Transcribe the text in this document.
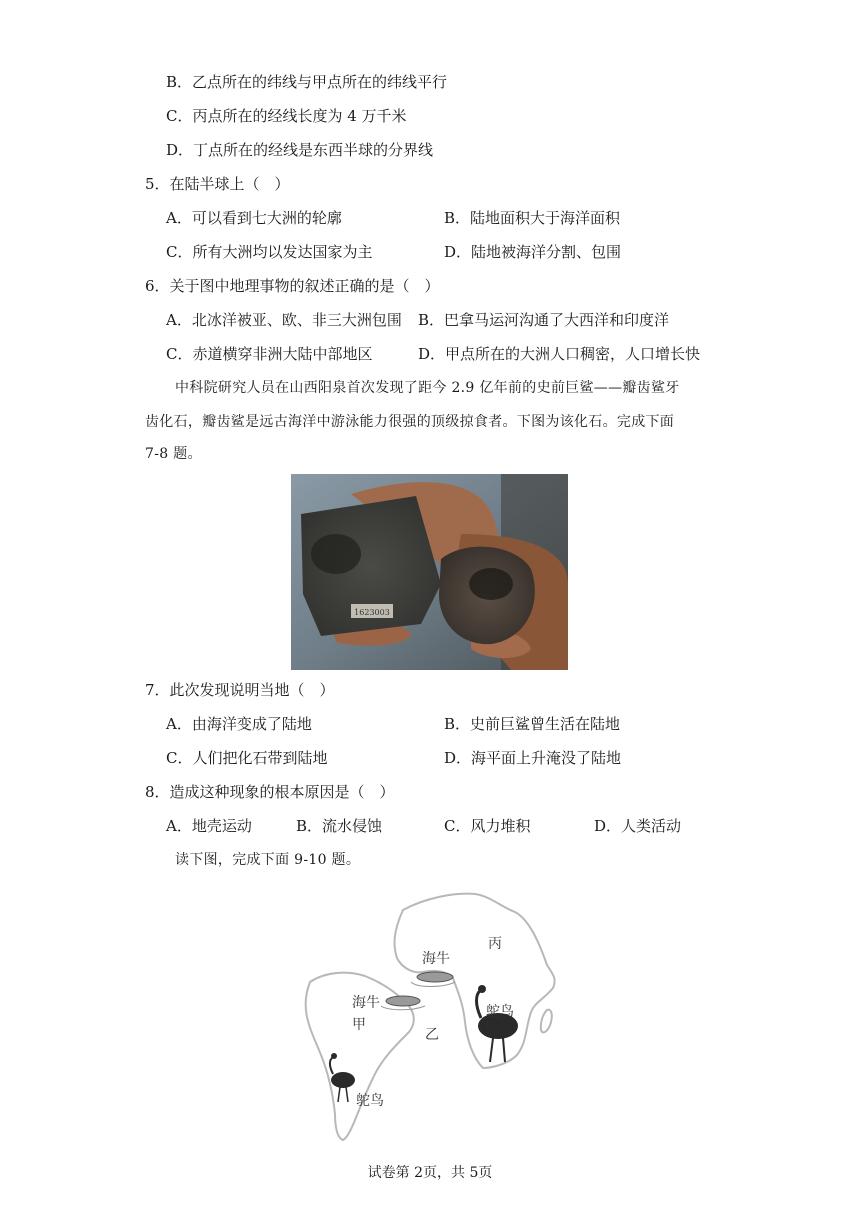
B．乙点所在的纬线与甲点所在的纬线平行
C．丙点所在的经线长度为 4 万千米
D．丁点所在的经线是东西半球的分界线
5．在陆半球上（　）
A．可以看到七大洲的轮廓	B．陆地面积大于海洋面积
C．所有大洲均以发达国家为主	D．陆地被海洋分割、包围
6．关于图中地理事物的叙述正确的是（　）
A．北冰洋被亚、欧、非三大洲包围 B．巴拿马运河沟通了大西洋和印度洋
C．赤道横穿非洲大陆中部地区	D．甲点所在的大洲人口稠密，人口增长快
中科院研究人员在山西阳泉首次发现了距今 2.9 亿年前的史前巨鲨——瓣齿鲨牙
齿化石，瓣齿鲨是远古海洋中游泳能力很强的顶级掠食者。下图为该化石。完成下面
7-8 题。
1623003
7．此次发现说明当地（　）
A．由海洋变成了陆地	B．史前巨鲨曾生活在陆地
C．人们把化石带到陆地	D．海平面上升淹没了陆地
8．造成这种现象的根本原因是（　）
A．地壳运动	B．流水侵蚀	C．风力堆积	D．人类活动
读下图，完成下面 9-10 题。
海牛
丙
海牛
甲
乙
鸵鸟
鸵鸟
试卷第 2页，共 5页
